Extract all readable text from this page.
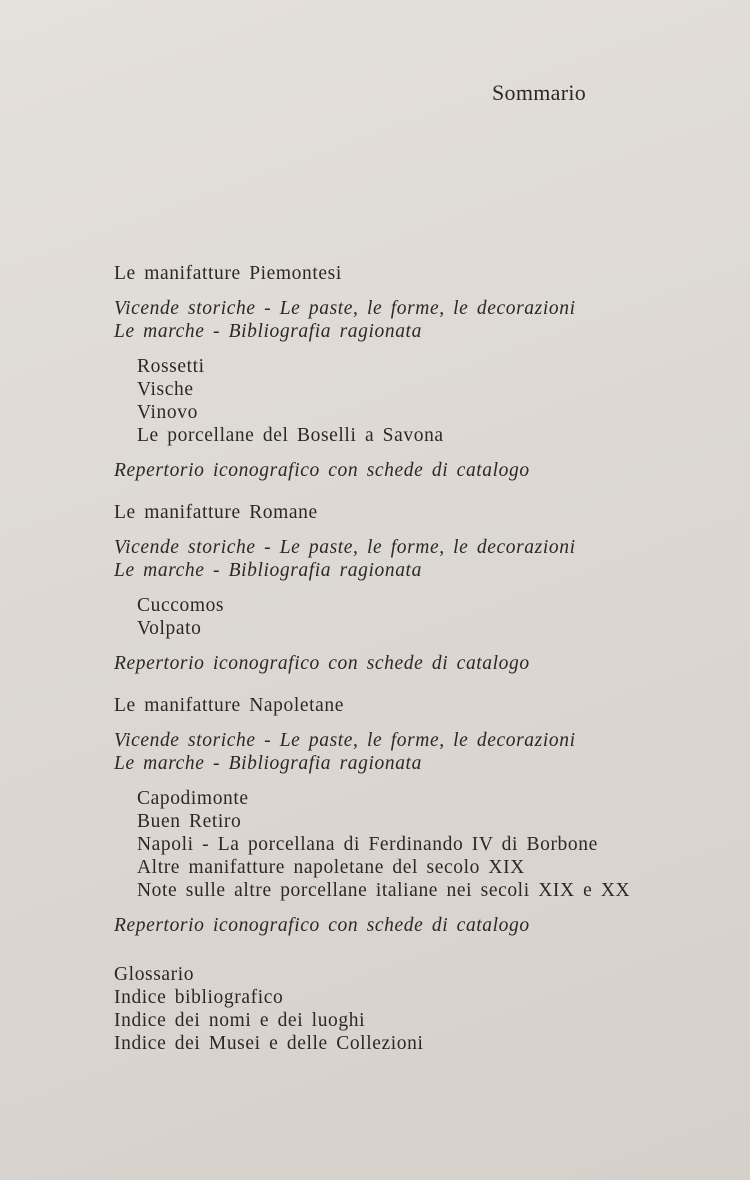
Sommario
Le manifatture Piemontesi
Vicende storiche - Le paste, le forme, le decorazioni
Le marche - Bibliografia ragionata
Rossetti
Vische
Vinovo
Le porcellane del Boselli a Savona
Repertorio iconografico con schede di catalogo
Le manifatture Romane
Vicende storiche - Le paste, le forme, le decorazioni
Le marche - Bibliografia ragionata
Cuccomos
Volpato
Repertorio iconografico con schede di catalogo
Le manifatture Napoletane
Vicende storiche - Le paste, le forme, le decorazioni
Le marche - Bibliografia ragionata
Capodimonte
Buen Retiro
Napoli - La porcellana di Ferdinando IV di Borbone
Altre manifatture napoletane del secolo XIX
Note sulle altre porcellane italiane nei secoli XIX e XX
Repertorio iconografico con schede di catalogo
Glossario
Indice bibliografico
Indice dei nomi e dei luoghi
Indice dei Musei e delle Collezioni
